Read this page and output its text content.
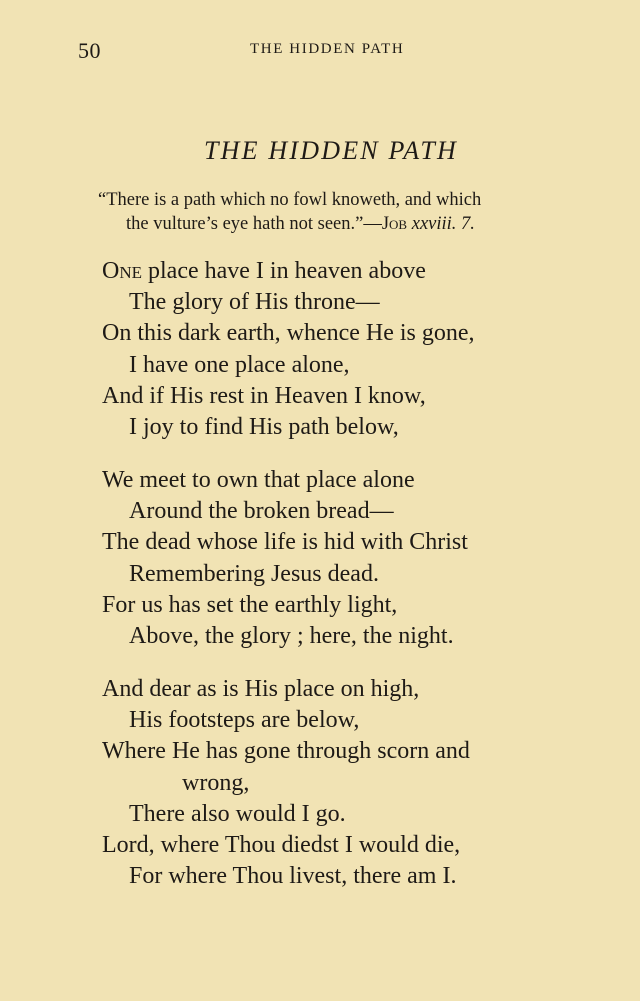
50	THE HIDDEN PATH
THE HIDDEN PATH
“There is a path which no fowl knoweth, and which
the vulture’s eye hath not seen.”—Job xxviii. 7.
One place have I in heaven above
The glory of His throne—
On this dark earth, whence He is gone,
I have one place alone,
And if His rest in Heaven I know,
I joy to find His path below,
We meet to own that place alone
Around the broken bread—
The dead whose life is hid with Christ
Remembering Jesus dead.
For us has set the earthly light,
Above, the glory ; here, the night.
And dear as is His place on high,
His footsteps are below,
Where He has gone through scorn and
wrong,
There also would I go.
Lord, where Thou diedst I would die,
For where Thou livest, there am I.
